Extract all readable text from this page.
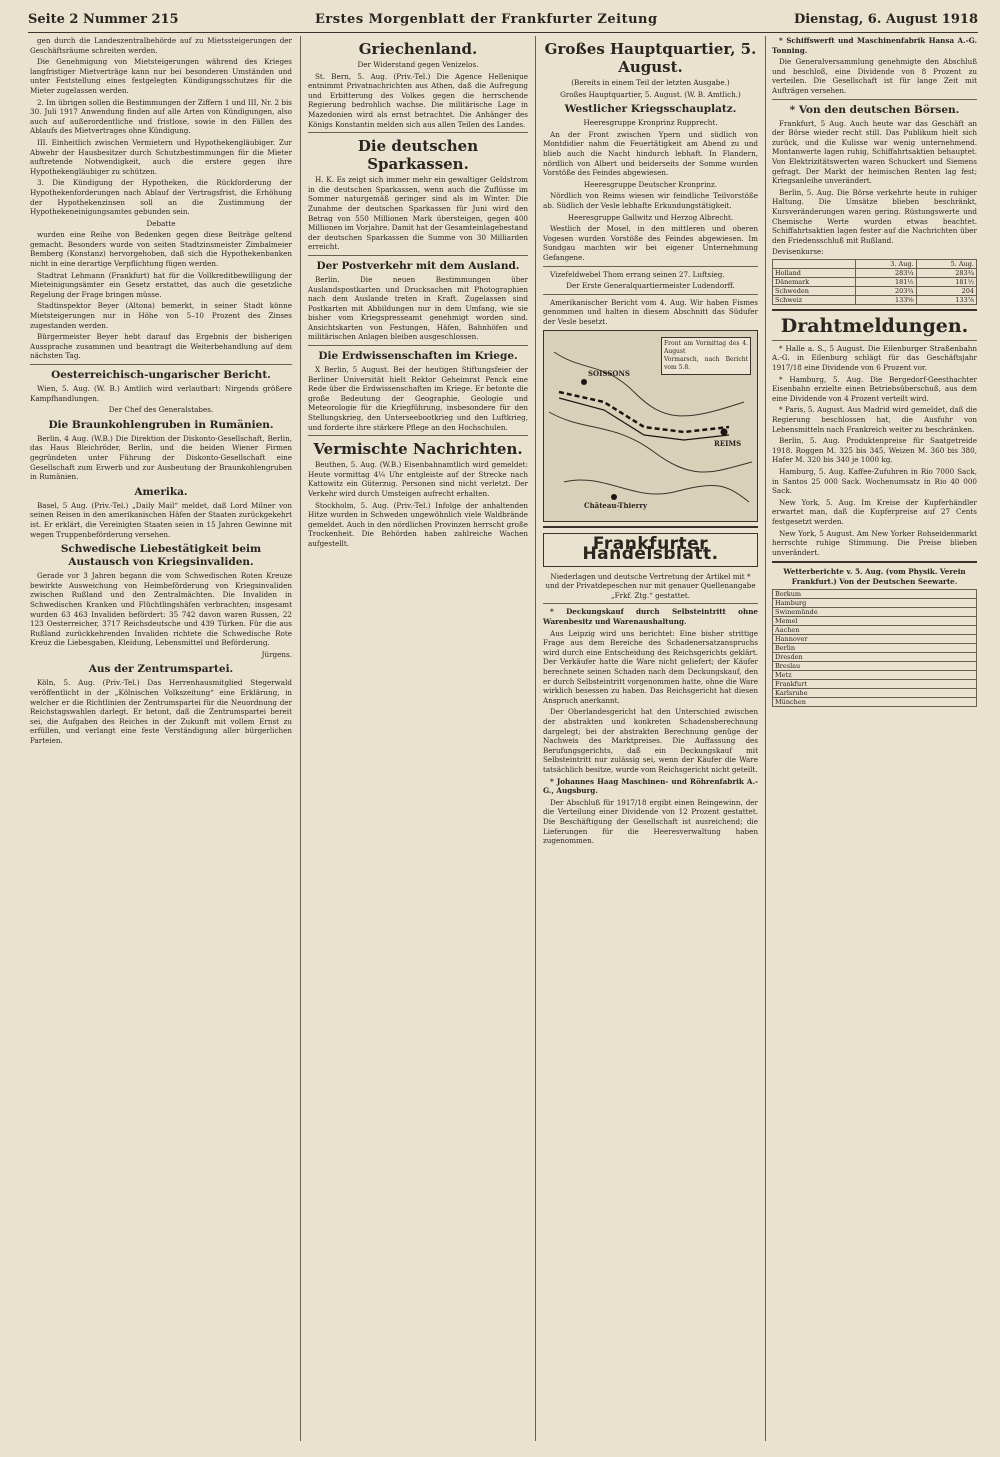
Seite 2 Nummer 215	Erstes Morgenblatt der Frankfurter Zeitung	Dienstag, 6. August 1918

gen durch die Landeszentralbehörde auf zu Mietssteigerungen der Geschäftsräume schreiten werden.

Die Genehmigung von Mietsteigerungen während des Krieges langfristiger Mietverträge kann nur bei besonderen Umständen und unter Feststellung eines festgelegten Kündigungsschutzes für die Mieter zugelassen werden.

2. Im übrigen sollen die Bestimmungen der Ziffern 1 und III, Nr. 2 bis 30. Juli 1917 Anwendung finden auf alle Arten von Kündigungen, also auch auf außerordentliche und fristlose, sowie in den Fällen des Ablaufs des Mietvertrages ohne Kündigung.

III. Einheitlich zwischen Vermietern und Hypothekengläubiger. Zur Abwehr der Hausbesitzer durch Schutzbestimmungen für die Mieter auftretende Notwendigkeit, auch die erstere gegen ihre Hypothekengläubiger zu schützen.

3. Die Kündigung der Hypotheken, die Rückforderung der Hypothekenforderungen nach Ablauf der Vertragsfrist, die Erhöhung der Hypothekenzinsen soll an die Zustimmung der Hypothekeneinigungsamtes gebunden sein.

Debatte

wurden eine Reihe von Bedenken gegen diese Beiträge geltend gemacht. Besonders wurde von seiten Stadtzinsmeister Zimbalmeier Bemberg (Konstanz) hervorgehoben, daß sich die Hypothekenbanken nicht in eine derartige Verpflichtung fügen werden.

Stadtrat Lehmann (Frankfurt) hat für die Vollkreditbewilligung der Mieteinigungsämter ein Gesetz erstattet, das auch die gesetzliche Regelung der Frage bringen müsse.

Stadtinspektor Beyer (Altona) bemerkt, in seiner Stadt könne Mietsteigerungen nur in Höhe von 5–10 Prozent des Zinses zugestanden werden.

Bürgermeister Beyer hebt darauf das Ergebnis der bisherigen Aussprache zusammen und beantragt die Weiterbehandlung auf dem nächsten Tag.

Oesterreichisch-ungarischer Bericht.

Wien, 5. Aug. (W. B.) Amtlich wird verlautbart: Nirgends größere Kampfhandlungen.

Der Chef des Generalstabes.
Die Braunkohlengruben in Rumänien.

Berlin, 4 Aug. (W.B.) Die Direktion der Diskonto-Gesellschaft, Berlin, das Haus Bleichröder, Berlin, und die beiden Wiener Firmen gegründeten unter Führung der Diskonto-Gesellschaft eine Gesellschaft zum Erwerb und zur Ausbeutung der Braunkohlengruben in Rumänien.

Amerika.

Basel, 5 Aug. (Priv.-Tel.) „Daily Mail“ meldet, daß Lord Milner von seinen Reisen in den amerikanischen Häfen der Staaten zurückgekehrt ist. Er erklärt, die Vereinigten Staaten seien in 15 Jahren Gewinne mit wegen Truppenbeförderung versehen.

Schwedische Liebestätigkeit beim Austausch von Kriegsinvaliden.

Gerade vor 3 Jahren begann die vom Schwedischen Roten Kreuze bewirkte Ausweichung von Heimbeförderung von Kriegsinvaliden zwischen Rußland und den Zentralmächten. Die Invaliden in Schwedischen Kranken und Flüchtlingshäfen verbrachten; insgesamt wurden 63 463 Invaliden befördert: 35 742 davon waren Russen, 22 123 Oesterreicher, 3717 Reichsdeutsche und 439 Türken. Für die aus Rußland zurückkehrenden Invaliden richtete die Schwedische Rote Kreuz die Liebesgaben, Kleidung, Lebensmittel und Beförderung.

Jürgens.
Aus der Zentrumspartei.

Köln, 5. Aug. (Priv.-Tel.) Das Herrenhausmitglied Stegerwald veröffentlicht in der „Kölnischen Volkszeitung“ eine Erklärung, in welcher er die Richtlinien der Zentrumspartei für die Neuordnung der Reichstagswahlen darlegt. Er betont, daß die Zentrumspartei bereit sei, die Aufgaben des Reiches in der Zukunft mit vollem Ernst zu erfüllen, und verlangt eine feste Verständigung aller bürgerlichen Parteien.

Griechenland.
Der Widerstand gegen Venizelos.

St. Bern, 5. Aug. (Priv.-Tel.) Die Agence Hellenique entnimmt Privatnachrichten aus Athen, daß die Aufregung und Erbitterung des Volkes gegen die herrschende Regierung bedrohlich wachse. Die militärische Lage in Mazedonien wird als ernst betrachtet. Die Anhänger des Königs Konstantin melden sich aus allen Teilen des Landes.

Die deutschen Sparkassen.

H. K. Es zeigt sich immer mehr ein gewaltiger Geldstrom in die deutschen Sparkassen, wenn auch die Zuflüsse im Sommer naturgemäß geringer sind als im Winter. Die Zunahme der deutschen Sparkassen für Juni wird den Betrag von 550 Millionen Mark übersteigen, gegen 400 Millionen im Vorjahre. Damit hat der Gesamteinlagebestand der deutschen Sparkassen die Summe von 30 Milliarden erreicht.

Der Postverkehr mit dem Ausland.

Berlin. Die neuen Bestimmungen über Auslandspostkarten und Drucksachen mit Photographien nach dem Auslande treten in Kraft. Zugelassen sind Postkarten mit Abbildungen nur in dem Umfang, wie sie bisher vom Kriegspresseamt genehmigt worden sind. Ansichtskarten von Festungen, Häfen, Bahnhöfen und militärischen Anlagen bleiben ausgeschlossen.

Die Erdwissenschaften im Kriege.

X Berlin, 5 August. Bei der heutigen Stiftungsfeier der Berliner Universität hielt Rektor Geheimrat Penck eine Rede über die Erdwissenschaften im Kriege. Er betonte die große Bedeutung der Geographie, Geologie und Meteorologie für die Kriegführung, insbesondere für den Stellungskrieg, den Unterseebootkrieg und den Luftkrieg, und forderte ihre stärkere Pflege an den Hochschulen.

Vermischte Nachrichten.

Beuthen, 5. Aug. (W.B.) Eisenbahnamtlich wird gemeldet: Heute vormittag 4¼ Uhr entgleiste auf der Strecke nach Kattowitz ein Güterzug. Personen sind nicht verletzt. Der Verkehr wird durch Umsteigen aufrecht erhalten.

Stockholm, 5. Aug. (Priv.-Tel.) Infolge der anhaltenden Hitze wurden in Schweden ungewöhnlich viele Waldbrände gemeldet. Auch in den nördlichen Provinzen herrscht große Trockenheit. Die Behörden haben zahlreiche Wachen aufgestellt.

Großes Hauptquartier, 5. August.
(Bereits in einem Teil der letzten Ausgabe.)
Großes Hauptquartier, 5. August. (W. B. Amtlich.)
Westlicher Kriegsschauplatz.
Heeresgruppe Kronprinz Rupprecht.

An der Front zwischen Ypern und südlich von Montdidier nahm die Feuertätigkeit am Abend zu und blieb auch die Nacht hindurch lebhaft. In Flandern, nördlich von Albert und beiderseits der Somme wurden Vorstöße des Feindes abgewiesen.

Heeresgruppe Deutscher Kronprinz.

Nördlich von Reims wiesen wir feindliche Teilvorstöße ab. Südlich der Vesle lebhafte Erkundungstätigkeit.

Heeresgruppe Gallwitz und Herzog Albrecht.

Westlich der Mosel, in den mittleren und oberen Vogesen wurden Vorstöße des Feindes abgewiesen. Im Sundgau machten wir bei eigener Unternehmung Gefangene.

Vizefeldwebel Thom errang seinen 27. Luftsieg.

Der Erste Generalquartiermeister Ludendorff.

Amerikanischer Bericht vom 4. Aug. Wir haben Fismes genommen und halten in diesem Abschnitt das Südufer der Vesle besetzt.

Front am Vormittag des 4. August
Vormarsch, nach Bericht vom 5.8.
SOISSONS
REIMS
Château-Thierry
Frankfurter Handelsblatt.
Niederlagen und deutsche Vertretung der Artikel mit * und der Privatdepeschen nur mit genauer Quellenangabe „Frkf. Ztg.“ gestattet.

* Deckungskauf durch Selbsteintritt ohne Warenbesitz und Warenaushaltung.

Aus Leipzig wird uns berichtet: Eine bisher strittige Frage aus dem Bereiche des Schadenersatzanspruchs wird durch eine Entscheidung des Reichsgerichts geklärt. Der Verkäufer hatte die Ware nicht geliefert; der Käufer berechnete seinen Schaden nach dem Deckungskauf, den er durch Selbsteintritt vorgenommen hatte, ohne die Ware wirklich besessen zu haben. Das Reichsgericht hat diesen Anspruch anerkannt.

Der Oberlandesgericht hat den Unterschied zwischen der abstrakten und konkreten Schadensberechnung dargelegt; bei der abstrakten Berechnung genüge der Nachweis des Marktpreises. Die Auffassung des Berufungsgerichts, daß ein Deckungskauf mit Selbsteintritt nur zulässig sei, wenn der Käufer die Ware tatsächlich besitze, wurde vom Reichsgericht nicht geteilt.

* Johannes Haag Maschinen- und Röhrenfabrik A.-G., Augsburg.

Der Abschluß für 1917/18 ergibt einen Reingewinn, der die Verteilung einer Dividende von 12 Prozent gestattet. Die Beschäftigung der Gesellschaft ist ausreichend; die Lieferungen für die Heeresverwaltung haben zugenommen.

* Schiffswerft und Maschinenfabrik Hansa A.-G. Tonning.

Die Generalversammlung genehmigte den Abschluß und beschloß, eine Dividende von 8 Prozent zu verteilen. Die Gesellschaft ist für lange Zeit mit Aufträgen versehen.

* Von den deutschen Börsen.

Frankfurt, 5 Aug. Auch heute war das Geschäft an der Börse wieder recht still. Das Publikum hielt sich zurück, und die Kulisse war wenig unternehmend. Montanwerte lagen ruhig, Schiffahrtsaktien behauptet. Von Elektrizitätswerten waren Schuckert und Siemens gefragt. Der Markt der heimischen Renten lag fest; Kriegsanleihe unverändert.

Berlin, 5. Aug. Die Börse verkehrte heute in ruhiger Haltung. Die Umsätze blieben beschränkt, Kursveränderungen waren gering. Rüstungswerte und Chemische Werte wurden etwas beachtet. Schiffahrtsaktien lagen fester auf die Nachrichten über den Friedensschluß mit Rußland.

Devisenkurse:
	3. Aug.	5. Aug.
Holland	283¼	283¾
Dänemark	181½	181½
Schweden	203¾	204
Schweiz	133⅝	133⅞
Drahtmeldungen.

* Halle a. S., 5 August. Die Eilenburger Straßenbahn A.-G. in Eilenburg schlägt für das Geschäftsjahr 1917/18 eine Dividende von 6 Prozent vor.

* Hamburg, 5. Aug. Die Bergedorf-Geesthachter Eisenbahn erzielte einen Betriebsüberschuß, aus dem eine Dividende von 4 Prozent verteilt wird.

* Paris, 5. August. Aus Madrid wird gemeldet, daß die Regierung beschlossen hat, die Ausfuhr von Lebensmitteln nach Frankreich weiter zu beschränken.

Berlin, 5. Aug. Produktenpreise für Saatgetreide 1918. Roggen M. 325 bis 345, Weizen M. 360 bis 380, Hafer M. 320 bis 340 je 1000 kg.

Hamburg, 5. Aug. Kaffee-Zufuhren in Rio 7000 Sack, in Santos 25 000 Sack. Wochenumsatz in Rio 40 000 Sack.

New York, 5. Aug. Im Kreise der Kupferhändler erwartet man, daß die Kupferpreise auf 27 Cents festgesetzt werden.

New York, 5 August. Am New Yorker Rohseidenmarkt herrschte ruhige Stimmung. Die Preise blieben unverändert.

Wetterberichte v. 5. Aug. (vom Physik. Verein Frankfurt.) Von der Deutschen Seewarte.
Borkum
Hamburg
Swinemünde
Memel
Aachen
Hannover
Berlin
Dresden
Breslau
Metz
Frankfurt
Karlsruhe
München
